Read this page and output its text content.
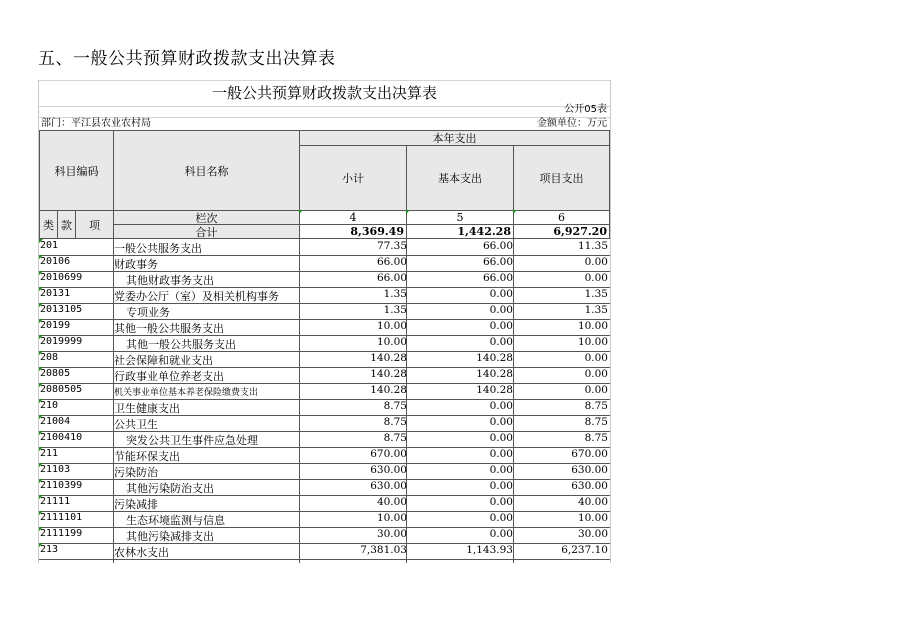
五、一般公共预算财政拨款支出决算表
一般公共预算财政拨款支出决算表
公开05表
部门：平江县农业农村局	金额单位：万元
科目编码	科目名称
本年支出
小计	基本支出	项目支出
类 款 项
栏次	4	5	6
合计	8,369.49	1,442.28	6,927.20
201	一般公共服务支出	77.35	66.00	11.35
20106	财政事务	66.00	66.00	0.00
2010699	其他财政事务支出	66.00	66.00	0.00
20131	党委办公厅（室）及相关机构事务	1.35	0.00	1.35
2013105	专项业务	1.35	0.00	1.35
20199	其他一般公共服务支出	10.00	0.00	10.00
2019999	其他一般公共服务支出	10.00	0.00	10.00
208	社会保障和就业支出	140.28	140.28	0.00
20805	行政事业单位养老支出	140.28	140.28	0.00
2080505	机关事业单位基本养老保险缴费支出	140.28	140.28	0.00
210	卫生健康支出	8.75	0.00	8.75
21004	公共卫生	8.75	0.00	8.75
2100410	突发公共卫生事件应急处理	8.75	0.00	8.75
211	节能环保支出	670.00	0.00	670.00
21103	污染防治	630.00	0.00	630.00
2110399	其他污染防治支出	630.00	0.00	630.00
21111	污染减排	40.00	0.00	40.00
2111101	生态环境监测与信息	10.00	0.00	10.00
2111199	其他污染减排支出	30.00	0.00	30.00
213	农林水支出	7,381.03	1,143.93	6,237.10
